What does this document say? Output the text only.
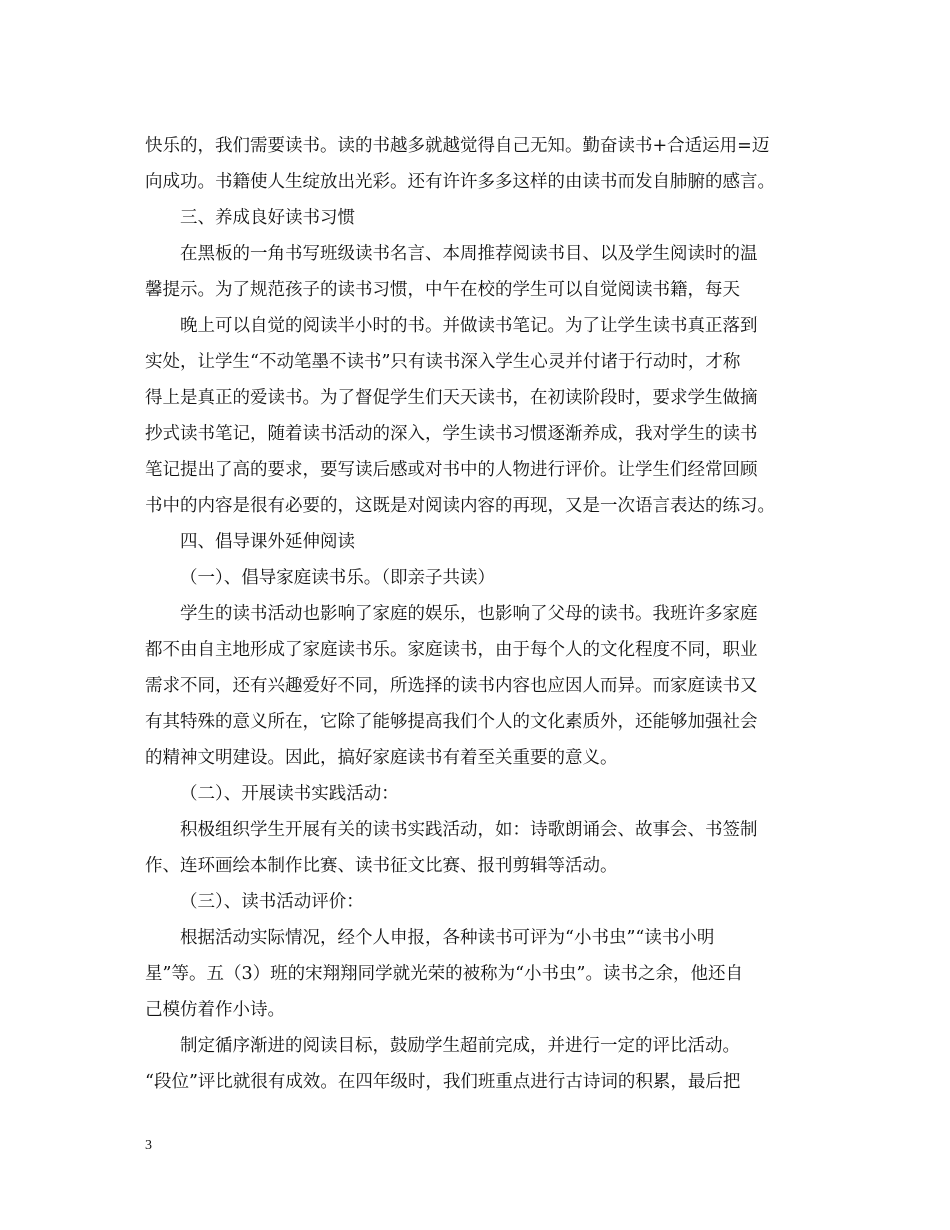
快乐的，我们需要读书。读的书越多就越觉得自己无知。勤奋读书+合适运用=迈
向成功。书籍使人生绽放出光彩。还有许许多多这样的由读书而发自肺腑的感言。
三、养成良好读书习惯
在黑板的一角书写班级读书名言、本周推荐阅读书目、以及学生阅读时的温
馨提示。为了规范孩子的读书习惯，中午在校的学生可以自觉阅读书籍，每天
晚上可以自觉的阅读半小时的书。并做读书笔记。为了让学生读书真正落到
实处，让学生“不动笔墨不读书”只有读书深入学生心灵并付诸于行动时，才称
得上是真正的爱读书。为了督促学生们天天读书，在初读阶段时，要求学生做摘
抄式读书笔记，随着读书活动的深入，学生读书习惯逐渐养成，我对学生的读书
笔记提出了高的要求，要写读后感或对书中的人物进行评价。让学生们经常回顾
书中的内容是很有必要的，这既是对阅读内容的再现，又是一次语言表达的练习。
四、倡导课外延伸阅读
（一）、倡导家庭读书乐。（即亲子共读）
学生的读书活动也影响了家庭的娱乐，也影响了父母的读书。我班许多家庭
都不由自主地形成了家庭读书乐。家庭读书，由于每个人的文化程度不同，职业
需求不同，还有兴趣爱好不同，所选择的读书内容也应因人而异。而家庭读书又
有其特殊的意义所在，它除了能够提高我们个人的文化素质外，还能够加强社会
的精神文明建设。因此，搞好家庭读书有着至关重要的意义。
（二）、开展读书实践活动：
积极组织学生开展有关的读书实践活动，如：诗歌朗诵会、故事会、书签制
作、连环画绘本制作比赛、读书征文比赛、报刊剪辑等活动。
（三）、读书活动评价：
根据活动实际情况，经个人申报，各种读书可评为“小书虫”“读书小明
星”等。五（3）班的宋翔翔同学就光荣的被称为“小书虫”。读书之余，他还自
己模仿着作小诗。
制定循序渐进的阅读目标，鼓励学生超前完成，并进行一定的评比活动。
“段位”评比就很有成效。在四年级时，我们班重点进行古诗词的积累，最后把
3
